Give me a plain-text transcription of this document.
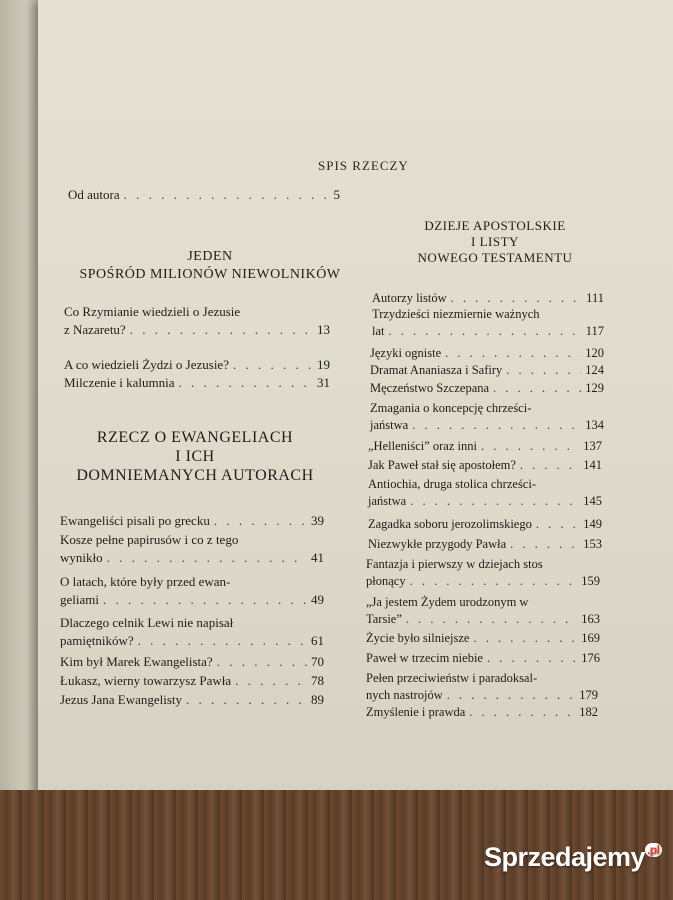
SPIS RZECZY
Od autora . . .	5
JEDEN
SPOŚRÓD MILIONÓW NIEWOLNIKÓW
Co Rzymianie wiedzieli o Jezusie
z Nazaretu? . . .	13
A co wiedzieli Żydzi o Jezusie? . . .	19
Milczenie i kalumnia . . .	31
RZECZ O EWANGELIACH
I ICH
DOMNIEMANYCH AUTORACH
Ewangeliści pisali po grecku . . .	39
Kosze pełne papirusów i co z tego
wynikło . . .	41
O latach, które były przed ewan-
geliami . . .	49
Dlaczego celnik Lewi nie napisał
pamiętników? . . .	61
Kim był Marek Ewangelista? . . .	70
Łukasz, wierny towarzysz Pawła . . .	78
Jezus Jana Ewangelisty . . .	89
DZIEJE APOSTOLSKIE
I LISTY
NOWEGO TESTAMENTU
Autorzy listów . . .	111
Trzydzieści niezmiernie ważnych
lat . . .	117
Języki ogniste . . .	120
Dramat Ananiasza i Safiry . . .	124
Męczeństwo Szczepana . . .	129
Zmagania o koncepcję chrześci-
jaństwa . . .	134
„Helleniści” oraz inni . . .	137
Jak Paweł stał się apostołem? . . .	141
Antiochia, druga stolica chrześci-
jaństwa . . .	145
Zagadka soboru jerozolimskiego . . .	149
Niezwykłe przygody Pawła . . .	153
Fantazja i pierwszy w dziejach stos
płonący . . .	159
„Ja jestem Żydem urodzonym w
Tarsie” . . .	163
Życie było silniejsze . . .	169
Paweł w trzecim niebie . . .	176
Pełen przeciwieństw i paradoksal-
nych nastrojów . . .	179
Zmyślenie i prawda . . .	182
Sprzedajemy $^{.pl}$
